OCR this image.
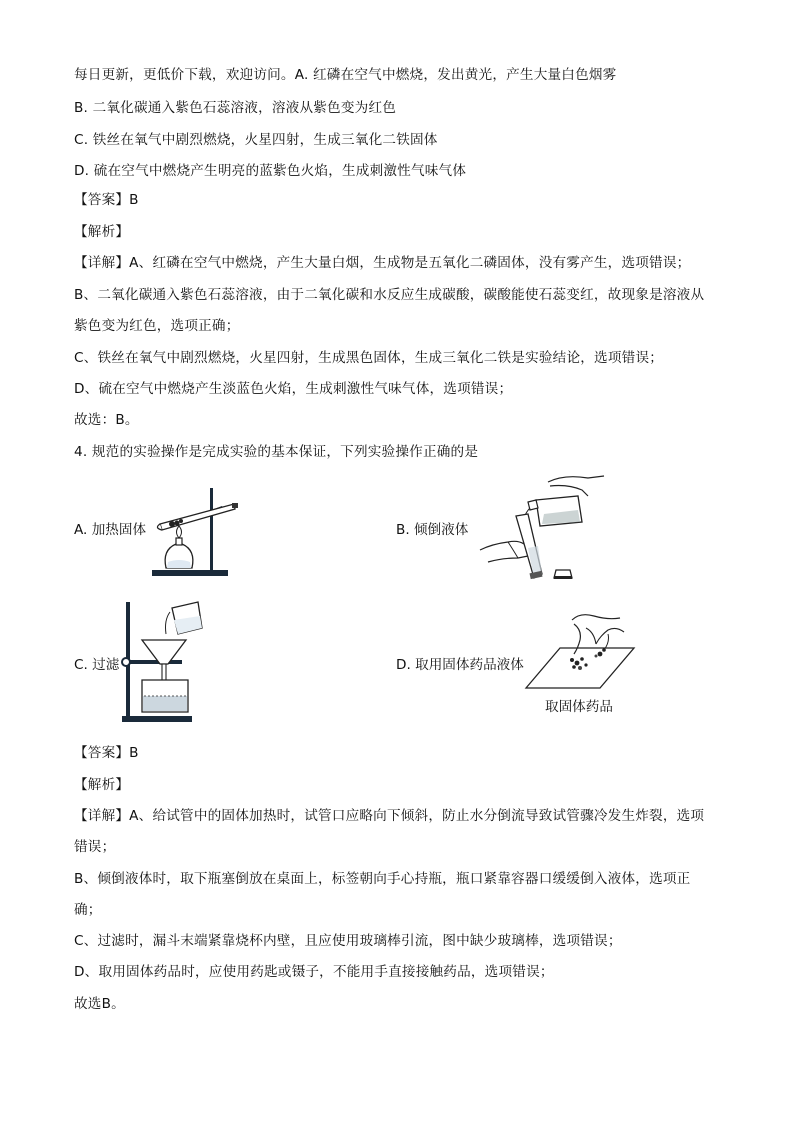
每日更新，更低价下载，欢迎访问。A. 红磷在空气中燃烧，发出黄光，产生大量白色烟雾
B. 二氧化碳通入紫色石蕊溶液，溶液从紫色变为红色
C. 铁丝在氧气中剧烈燃烧，火星四射，生成三氧化二铁固体
D. 硫在空气中燃烧产生明亮的蓝紫色火焰，生成刺激性气味气体
【答案】B
【解析】
【详解】A、红磷在空气中燃烧，产生大量白烟，生成物是五氧化二磷固体，没有雾产生，选项错误；
B、二氧化碳通入紫色石蕊溶液，由于二氧化碳和水反应生成碳酸，碳酸能使石蕊变红，故现象是溶液从
紫色变为红色，选项正确；
C、铁丝在氧气中剧烈燃烧，火星四射，生成黑色固体，生成三氧化二铁是实验结论，选项错误；
D、硫在空气中燃烧产生淡蓝色火焰，生成刺激性气味气体，选项错误；
故选：B。
4. 规范的实验操作是完成实验的基本保证，下列实验操作正确的是
A. 加热固体	B. 倾倒液体
C. 过滤	D. 取用固体药品液体
取固体药品
【答案】B
【解析】
【详解】A、给试管中的固体加热时，试管口应略向下倾斜，防止水分倒流导致试管骤冷发生炸裂，选项
错误；
B、倾倒液体时，取下瓶塞倒放在桌面上，标签朝向手心持瓶，瓶口紧靠容器口缓缓倒入液体，选项正
确；
C、过滤时，漏斗末端紧靠烧杯内壁，且应使用玻璃棒引流，图中缺少玻璃棒，选项错误；
D、取用固体药品时，应使用药匙或镊子，不能用手直接接触药品，选项错误；
故选B。
